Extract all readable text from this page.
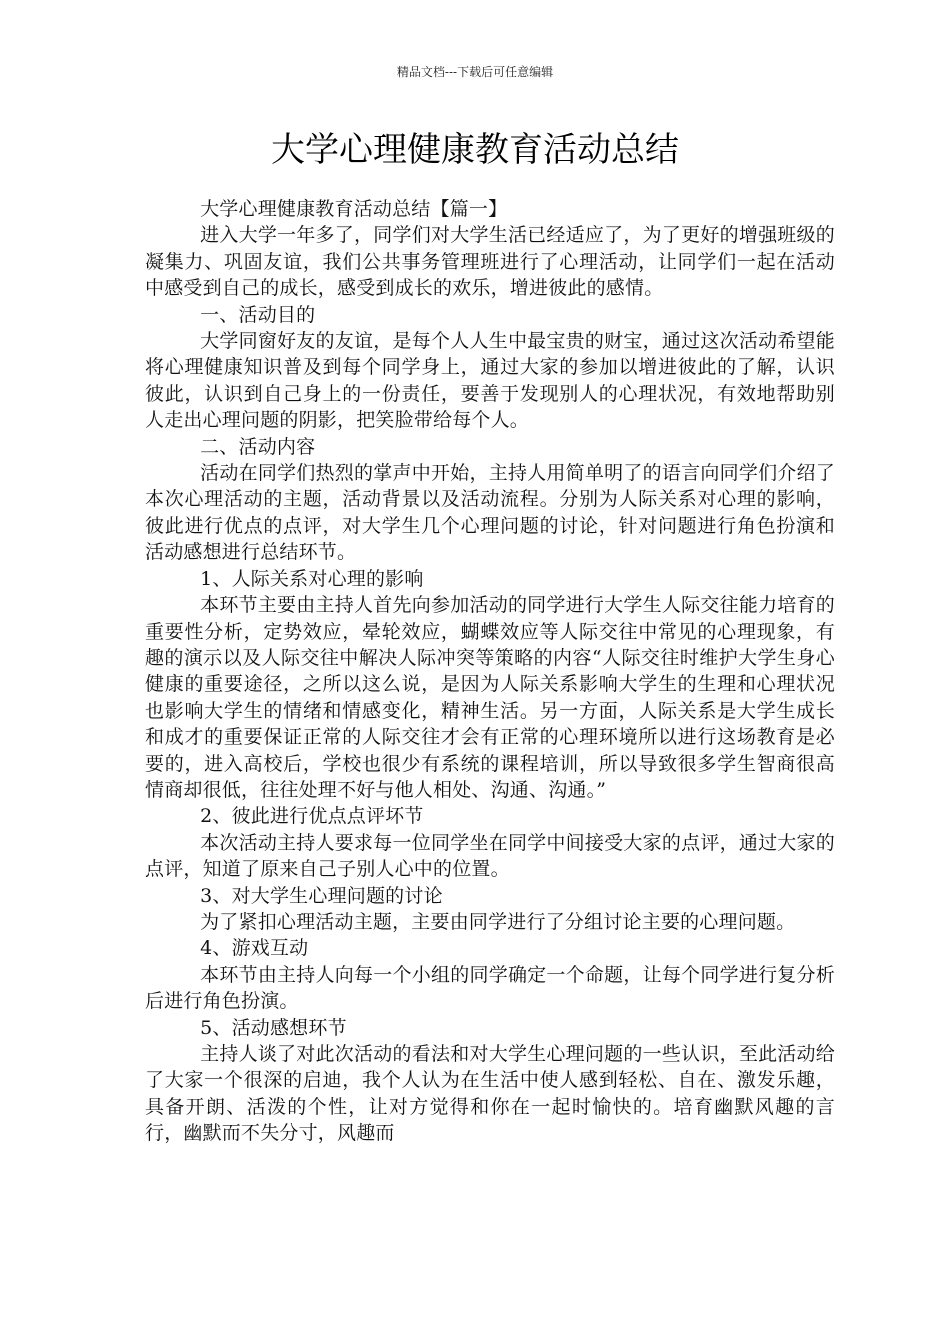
精品文档---下载后可任意编辑
大学心理健康教育活动总结

大学心理健康教育活动总结【篇一】

进入大学一年多了，同学们对大学生活已经适应了，为了更好的增强班级的凝集力、巩固友谊，我们公共事务管理班进行了心理活动，让同学们一起在活动中感受到自己的成长，感受到成长的欢乐，增进彼此的感情。

一、活动目的

大学同窗好友的友谊，是每个人人生中最宝贵的财宝，通过这次活动希望能将心理健康知识普及到每个同学身上，通过大家的参加以增进彼此的了解，认识彼此，认识到自己身上的一份责任，要善于发现别人的心理状况，有效地帮助别人走出心理问题的阴影，把笑脸带给每个人。

二、活动内容

活动在同学们热烈的掌声中开始，主持人用简单明了的语言向同学们介绍了本次心理活动的主题，活动背景以及活动流程。分别为人际关系对心理的影响，彼此进行优点的点评，对大学生几个心理问题的讨论，针对问题进行角色扮演和活动感想进行总结环节。

1、人际关系对心理的影响

本环节主要由主持人首先向参加活动的同学进行大学生人际交往能力培育的重要性分析，定势效应，晕轮效应，蝴蝶效应等人际交往中常见的心理现象，有趣的演示以及人际交往中解决人际冲突等策略的内容“人际交往时维护大学生身心健康的重要途径，之所以这么说，是因为人际关系影响大学生的生理和心理状况也影响大学生的情绪和情感变化，精神生活。另一方面，人际关系是大学生成长和成才的重要保证正常的人际交往才会有正常的心理环境所以进行这场教育是必要的，进入高校后，学校也很少有系统的课程培训，所以导致很多学生智商很高情商却很低，往往处理不好与他人相处、沟通、沟通。”

2、彼此进行优点点评坏节

本次活动主持人要求每一位同学坐在同学中间接受大家的点评，通过大家的点评，知道了原来自己子别人心中的位置。

3、对大学生心理问题的讨论

为了紧扣心理活动主题，主要由同学进行了分组讨论主要的心理问题。

4、游戏互动

本环节由主持人向每一个小组的同学确定一个命题，让每个同学进行复分析后进行角色扮演。

5、活动感想环节

主持人谈了对此次活动的看法和对大学生心理问题的一些认识，至此活动给了大家一个很深的启迪，我个人认为在生活中使人感到轻松、自在、激发乐趣，具备开朗、活泼的个性，让对方觉得和你在一起时愉快的。培育幽默风趣的言行，幽默而不失分寸，风趣而
